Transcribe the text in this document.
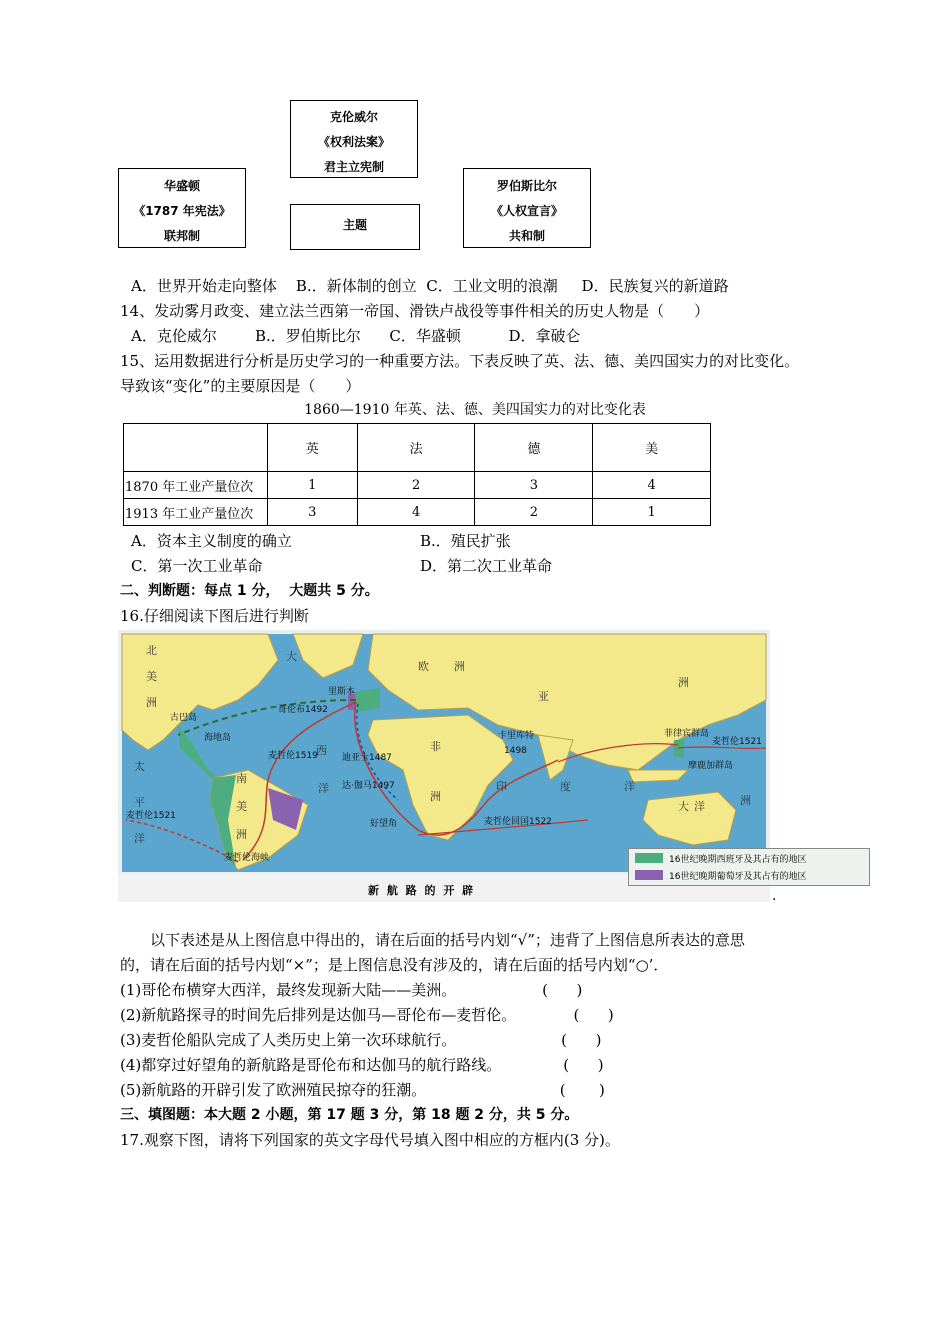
克伦威尔
《权利法案》
君主立宪制
华盛顿
《1787 年宪法》
联邦制
罗伯斯比尔
《人权宣言》
共和制
主题
A．世界开始走向整体    B.．新体制的创立  C．工业文明的浪潮     D．民族复兴的新道路
14、发动雾月政变、建立法兰西第一帝国、滑铁卢战役等事件相关的历史人物是（　　）
A．克伦威尔        B.．罗伯斯比尔      C．华盛顿          D．拿破仑
15、运用数据进行分析是历史学习的一种重要方法。下表反映了英、法、德、美四国实力的对比变化。
导致该“变化”的主要原因是（　　）
1860—1910 年英、法、德、美四国实力的对比变化表
	英	法	德	美
1870 年工业产量位次	1	2	3	4
1913 年工业产量位次	3	4	2	1
A．资本主义制度的确立	B.．殖民扩张
C．第一次工业革命	D．第二次工业革命
二、判断题：每点 1 分，  大题共 5 分。
16.仔细阅读下图后进行判断
北
美
洲
大
西
洋
欧 洲
亚
洲
非
洲
南
美
洲
太
平
洋
印	度	洋
大 洋	洲
里斯本
古巴岛
海地岛	卡里库特	菲律宾群岛
摩鹿加群岛
好望角
麦哲伦海峡
哥伦布1492
达·伽马1497
迪亚士1487
麦哲伦1519
麦哲伦1521
麦哲伦1521
麦哲伦回国1522
1498
16世纪晚期西班牙及其占有的地区
16世纪晚期葡萄牙及其占有的地区
新 航 路 的 开 辟	.
以下表述是从上图信息中得出的，请在后面的括号内划“√”；违背了上图信息所表达的意思
的，请在后面的括号内划“×”；是上图信息没有涉及的，请在后面的括号内划“○’．
(1)哥伦布横穿大西洋，最终发现新大陆——美洲。                  (      )
(2)新航路探寻的时间先后排列是达伽马—哥伦布—麦哲伦。            (      )
(3)麦哲伦船队完成了人类历史上第一次环球航行。                      (      )
(4)都穿过好望角的新航路是哥伦布和达伽马的航行路线。             (      )
(5)新航路的开辟引发了欧洲殖民掠夺的狂潮。                            (       )
三、填图题：本大题 2 小题，第 17 题 3 分，第 18 题 2 分，共 5 分。
17.观察下图，请将下列国家的英文字母代号填入图中相应的方框内(3 分)。
